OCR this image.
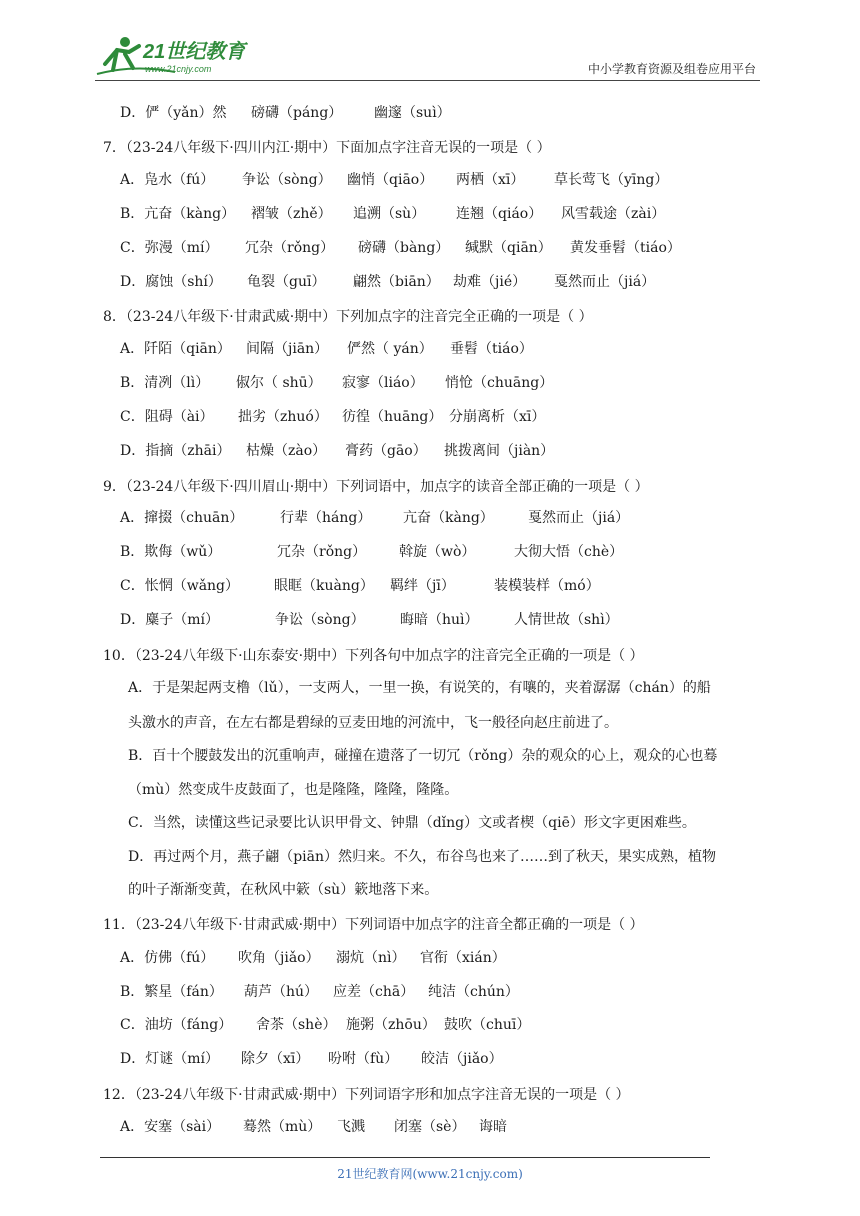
21世纪教育
www.21cnjy.com	中小学教育资源及组卷应用平台
D．俨（yǎn）然 磅礴（páng） 幽邃（suì）
7．（23-24八年级下·四川内江·期中）下面加点字注音无误的一项是（ ）
A．凫水（fú） 争讼（sòng） 幽悄（qiāo） 两栖（xī） 草长莺飞（yīng）
B．亢奋（kàng） 褶皱（zhě） 追溯（sù） 连翘（qiáo） 风雪载途（zài）
C．弥漫（mí） 冗杂（rǒng） 磅礴（bàng） 缄默（qiān） 黄发垂髫（tiáo）
D．腐蚀（shí） 龟裂（guī） 翩然（biān） 劫难（jié） 戛然而止（jiá）
8．（23-24八年级下·甘肃武威·期中）下列加点字的注音完全正确的一项是（ ）
A．阡陌（qiān） 间隔（jiān） 俨然（ yán） 垂髫（tiáo）
B．清冽（lì） 俶尔（ shū） 寂寥（liáo） 悄怆（chuāng）
C．阻碍（ài） 拙劣（zhuó） 彷徨（huāng） 分崩离析（xī）
D．指摘（zhāi） 枯燥（zào） 膏药（gāo） 挑拨离间（jiàn）
9．（23-24八年级下·四川眉山·期中）下列词语中，加点字的读音全部正确的一项是（ ）
A．撺掇（chuān）	行辈（háng） 亢奋（kàng） 戛然而止（jiá）
B．欺侮（wǔ）	冗杂（rǒng） 斡旋（wò）	大彻大悟（chè）
C．怅惘（wǎng） 眼眶（kuàng） 羁绊（jī）	装模装样（mó）
D．麋子（mí）	争讼（sòng）	晦暗（huì）	人情世故（shì）
10．（23-24八年级下·山东泰安·期中）下列各句中加点字的注音完全正确的一项是（ ）
A．于是架起两支橹（lǔ），一支两人，一里一换，有说笑的，有嚷的，夹着潺潺（chán）的船
头激水的声音，在左右都是碧绿的豆麦田地的河流中，飞一般径向赵庄前进了。
B．百十个腰鼓发出的沉重响声，碰撞在遗落了一切冗（rǒng）杂的观众的心上，观众的心也蓦
（mù）然变成牛皮鼓面了，也是隆隆，隆隆，隆隆。
C．当然，读懂这些记录要比认识甲骨文、钟鼎（dǐng）文或者楔（qiē）形文字更困难些。
D．再过两个月，燕子翩（piān）然归来。不久，布谷鸟也来了……到了秋天，果实成熟，植物
的叶子渐渐变黄，在秋风中簌（sù）簌地落下来。
11．（23-24八年级下·甘肃武威·期中）下列词语中加点字的注音全都正确的一项是（ ）
A．仿佛（fú） 吹角（jiǎo） 溺炕（nì） 官衔（xián）
B．繁星（fán） 葫芦（hú） 应差（chā） 纯洁（chún）
C．油坊（fáng） 舍茶（shè） 施粥（zhōu） 鼓吹（chuī）
D．灯谜（mí） 除夕（xī） 吩咐（fù） 皎洁（jiǎo）
12．（23-24八年级下·甘肃武威·期中）下列词语字形和加点字注音无误的一项是（ ）
A．安塞（sài） 蓦然（mù） 飞溅 闭塞（sè） 诲暗
21世纪教育网(www.21cnjy.com)
